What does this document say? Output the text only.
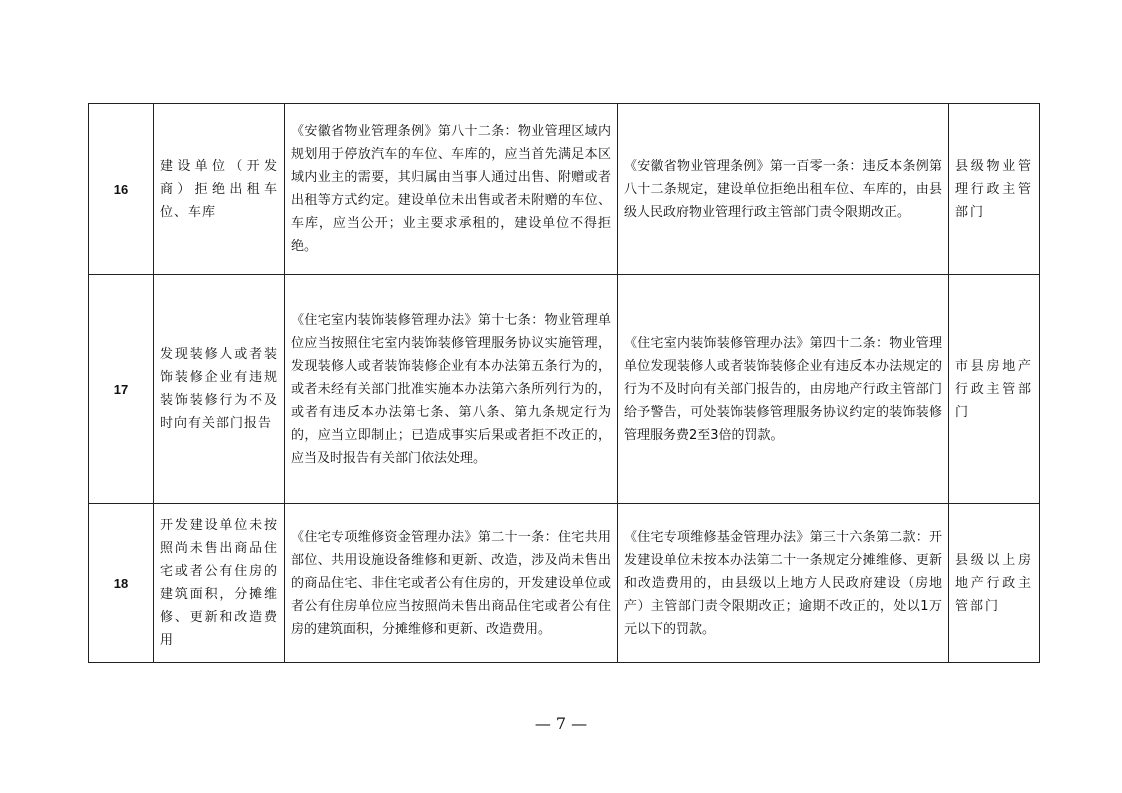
16	建设单位（开发商）拒绝出租车位、车库	《安徽省物业管理条例》第八十二条：物业管理区域内规划用于停放汽车的车位、车库的，应当首先满足本区域内业主的需要，其归属由当事人通过出售、附赠或者出租等方式约定。建设单位未出售或者未附赠的车位、车库，应当公开；业主要求承租的，建设单位不得拒绝。	《安徽省物业管理条例》第一百零一条：违反本条例第八十二条规定，建设单位拒绝出租车位、车库的，由县级人民政府物业管理行政主管部门责令限期改正。	县级物业管理行政主管部门
17	发现装修人或者装饰装修企业有违规装饰装修行为不及时向有关部门报告	《住宅室内装饰装修管理办法》第十七条：物业管理单位应当按照住宅室内装饰装修管理服务协议实施管理，发现装修人或者装饰装修企业有本办法第五条行为的，或者未经有关部门批准实施本办法第六条所列行为的，或者有违反本办法第七条、第八条、第九条规定行为的，应当立即制止；已造成事实后果或者拒不改正的，应当及时报告有关部门依法处理。	《住宅室内装饰装修管理办法》第四十二条：物业管理单位发现装修人或者装饰装修企业有违反本办法规定的行为不及时向有关部门报告的，由房地产行政主管部门给予警告，可处装饰装修管理服务协议约定的装饰装修管理服务费2至3倍的罚款。	市县房地产行政主管部门
18	开发建设单位未按照尚未售出商品住宅或者公有住房的建筑面积，分摊维修、更新和改造费用	《住宅专项维修资金管理办法》第二十一条：住宅共用部位、共用设施设备维修和更新、改造，涉及尚未售出的商品住宅、非住宅或者公有住房的，开发建设单位或者公有住房单位应当按照尚未售出商品住宅或者公有住房的建筑面积，分摊维修和更新、改造费用。	《住宅专项维修基金管理办法》第三十六条第二款：开发建设单位未按本办法第二十一条规定分摊维修、更新和改造费用的，由县级以上地方人民政府建设（房地产）主管部门责令限期改正；逾期不改正的，处以1万元以下的罚款。	县级以上房地产行政主管部门
— 7 —
